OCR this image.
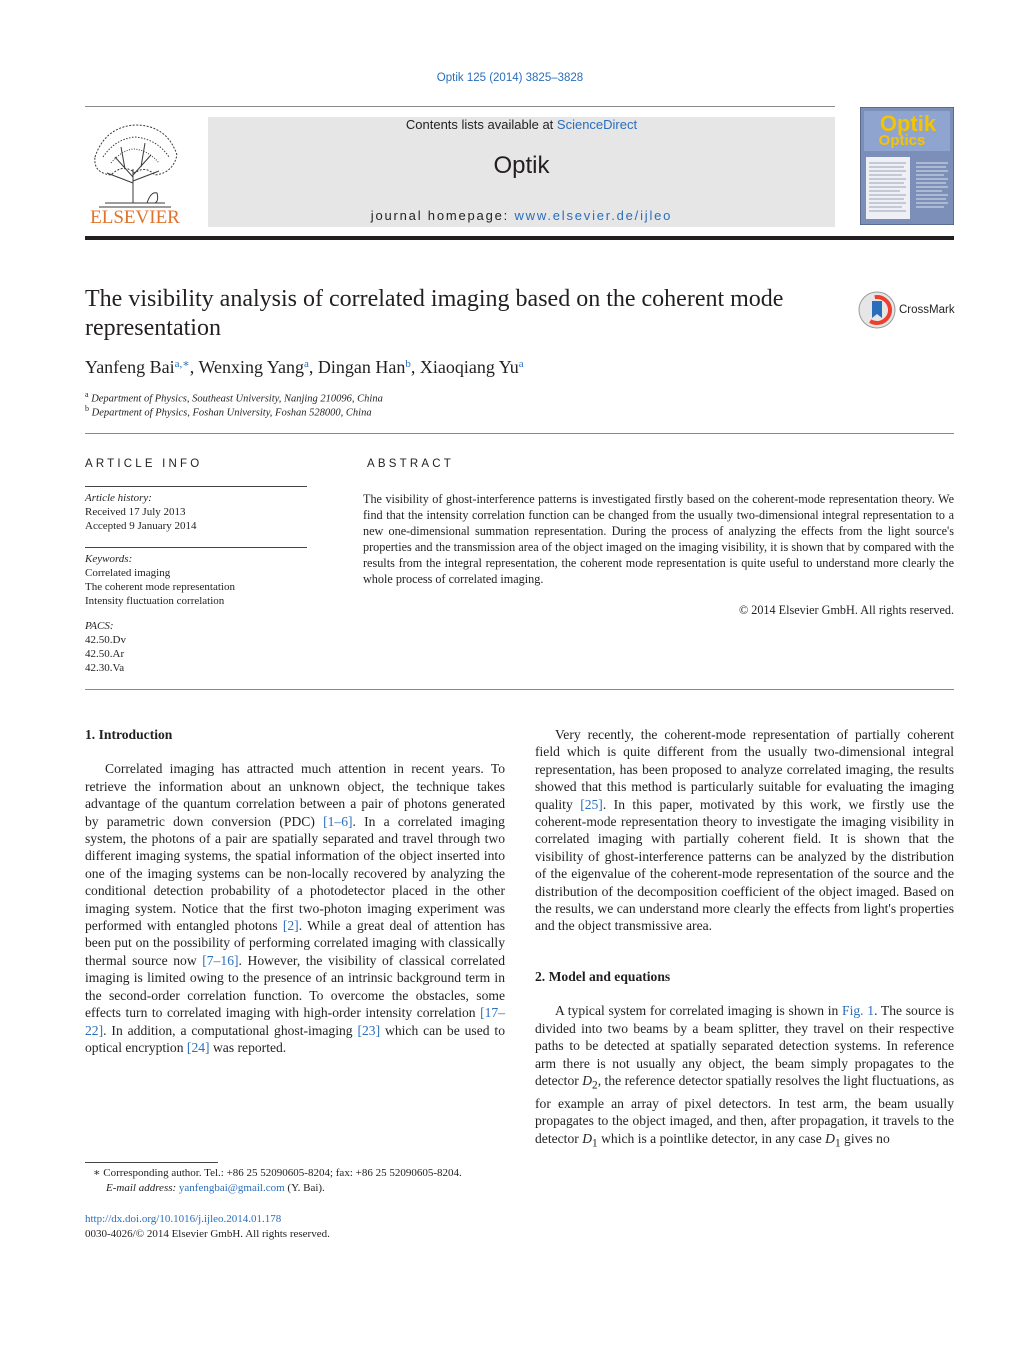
Optik 125 (2014) 3825–3828
ELSEVIER
Contents lists available at ScienceDirect
Optik
journal homepage: www.elsevier.de/ijleo
Optik
Optics
The visibility analysis of correlated imaging based on the coherent mode representation
CrossMark
Yanfeng Bai$^{a,∗}$, Wenxing Yang$^a$, Dingan Han$^b$, Xiaoqiang Yu$^a$
$^a$ Department of Physics, Southeast University, Nanjing 210096, China
$^b$ Department of Physics, Foshan University, Foshan 528000, China
ARTICLE INFO
Article history:
Received 17 July 2013
Accepted 9 January 2014
Keywords:
Correlated imaging
The coherent mode representation
Intensity fluctuation correlation
PACS:
42.50.Dv
42.50.Ar
42.30.Va
ABSTRACT
The visibility of ghost-interference patterns is investigated firstly based on the coherent-mode representation theory. We find that the intensity correlation function can be changed from the usually two-dimensional integral representation to a new one-dimensional summation representation. During the process of analyzing the effects from the light source's properties and the transmission area of the object imaged on the imaging visibility, it is shown that by compared with the results from the integral representation, the coherent mode representation is quite useful to understand more clearly the whole process of correlated imaging.
© 2014 Elsevier GmbH. All rights reserved.
1. Introduction

Correlated imaging has attracted much attention in recent years. To retrieve the information about an unknown object, the technique takes advantage of the quantum correlation between a pair of photons generated by parametric down conversion (PDC) [1–6]. In a correlated imaging system, the photons of a pair are spatially separated and travel through two different imaging systems, the spatial information of the object inserted into one of the imaging systems can be non-locally recovered by analyzing the conditional detection probability of a photodetector placed in the other imaging system. Notice that the first two-photon imaging experiment was performed with entangled photons [2]. While a great deal of attention has been put on the possibility of performing correlated imaging with classically thermal source now [7–16]. However, the visibility of classical correlated imaging is limited owing to the presence of an intrinsic background term in the second-order correlation function. To overcome the obstacles, some effects turn to correlated imaging with high-order intensity correlation [17–22]. In addition, a computational ghost-imaging [23] which can be used to optical encryption [24] was reported.

Very recently, the coherent-mode representation of partially coherent field which is quite different from the usually two-dimensional integral representation, has been proposed to analyze correlated imaging, the results showed that this method is particularly suitable for evaluating the imaging quality [25]. In this paper, motivated by this work, we firstly use the coherent-mode representation theory to investigate the imaging visibility in correlated imaging with partially coherent field. It is shown that the visibility of ghost-interference patterns can be analyzed by the distribution of the eigenvalue of the coherent-mode representation of the source and the distribution of the decomposition coefficient of the object imaged. Based on the results, we can understand more clearly the effects from light's properties and the object transmissive area.

2. Model and equations

A typical system for correlated imaging is shown in Fig. 1. The source is divided into two beams by a beam splitter, they travel on their respective paths to be detected at spatially separated detection systems. In reference arm there is not usually any object, the beam simply propagates to the detector $D_2$, the reference detector spatially resolves the light fluctuations, as for example an array of pixel detectors. In test arm, the beam usually propagates to the object imaged, and then, after propagation, it travels to the detector $D_1$ which is a pointlike detector, in any case $D_1$ gives no

∗ Corresponding author. Tel.: +86 25 52090605-8204; fax: +86 25 52090605-8204.
E-mail address: yanfengbai@gmail.com (Y. Bai).
http://dx.doi.org/10.1016/j.ijleo.2014.01.178
0030-4026/© 2014 Elsevier GmbH. All rights reserved.
